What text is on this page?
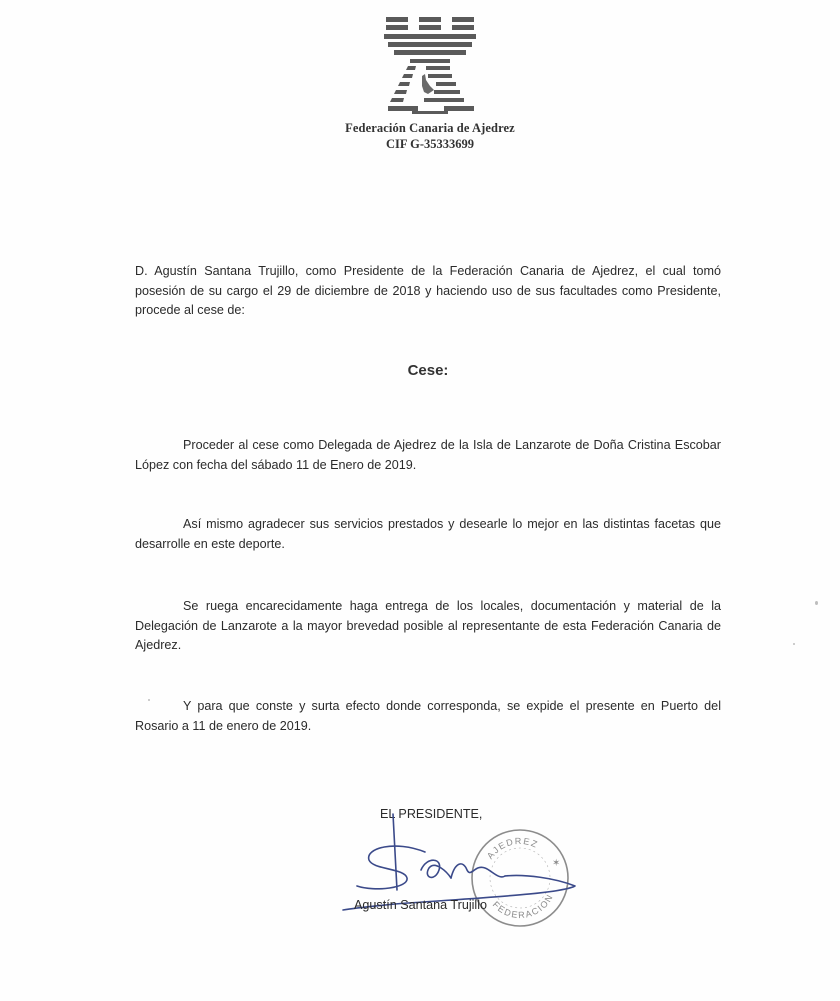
Federación Canaria de Ajedrez
CIF G-35333699
D. Agustín Santana Trujillo, como Presidente de la Federación Canaria de Ajedrez, el cual tomó posesión de su cargo el 29 de diciembre de 2018 y haciendo uso de sus facultades como Presidente, procede al cese de:
Cese:
Proceder al cese como Delegada de Ajedrez de la Isla de Lanzarote de Doña Cristina Escobar López con fecha del sábado 11 de Enero de 2019.
Así mismo agradecer sus servicios prestados y desearle lo mejor en las distintas facetas que desarrolle en este deporte.
Se ruega encarecidamente haga entrega de los locales, documentación y material de la Delegación de Lanzarote a la mayor brevedad posible al representante de esta Federación Canaria de Ajedrez.
Y para que conste y surta efecto donde corresponda, se expide el presente en Puerto del Rosario a 11 de enero de 2019.
EL PRESIDENTE,
AJEDREZ
FEDERACION
✶
Agustín Santana Trujillo
